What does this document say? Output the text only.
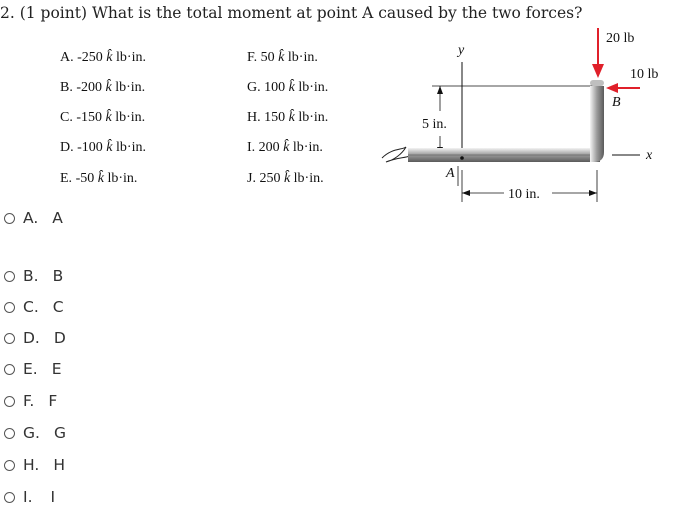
2. (1 point) What is the total moment at point A caused by the two forces?
A. -250 k̂ lb·in.
B. -200 k̂ lb·in.
C. -150 k̂ lb·in.
D. -100 k̂ lb·in.
E. -50 k̂ lb·in.
F. 50 k̂ lb·in.
G. 100 k̂ lb·in.
H. 150 k̂ lb·in.
I. 200 k̂ lb·in.
J. 250 k̂ lb·in.
y
5 in.
x
20 lb
10 lb
B
A
10 in.
A. A
B. B
C. C
D. D
E. E
F. F
G. G
H. H
I. I
